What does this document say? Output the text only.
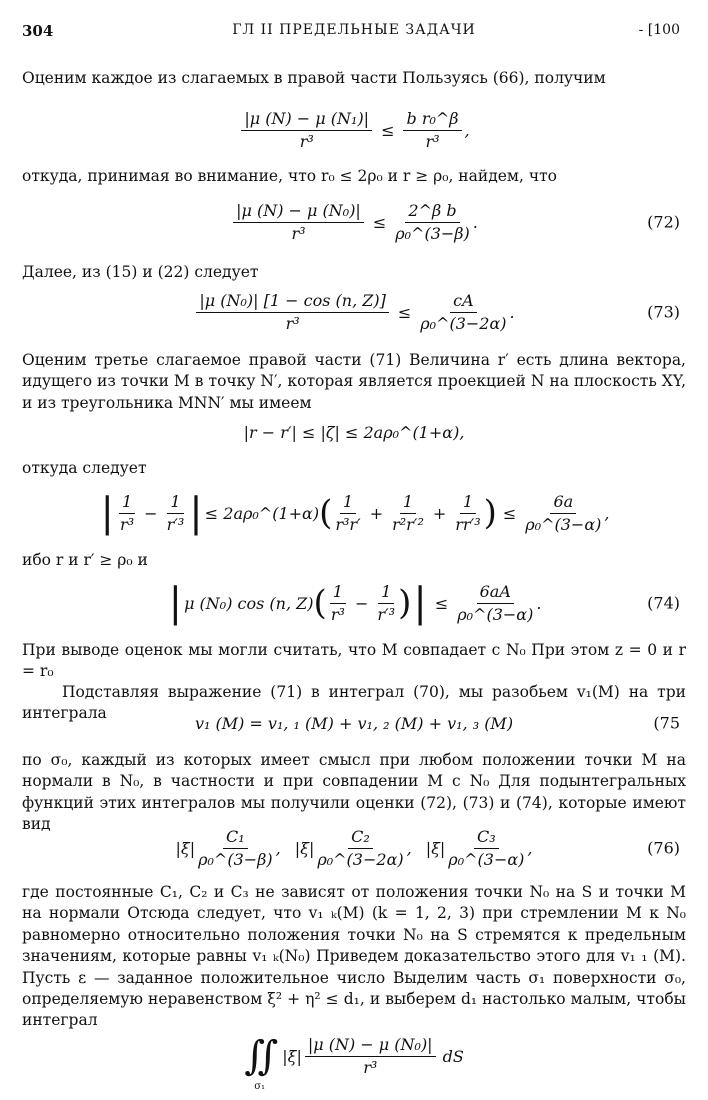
304	ГЛ II ПРЕДЕЛЬНЫЕ ЗАДАЧИ	- [100
Оценим каждое из слагаемых в правой части Пользуясь (66), получим
$\frac{\text{|μ (N) − μ (N₁)|}}{\text{r³}} \le \frac{\text{b r₀\textasciicircum{}β}}{\text{r³}}$ ,
откуда, принимая во внимание, что r₀ ≤ 2ρ₀ и r ≥ ρ₀, найдем, что
$\frac{\text{|μ (N) − μ (N₀)|}}{\text{r³}} \le \frac{\text{2\textasciicircum{}β b}}{\text{ρ₀\textasciicircum{}(3−β)}}$ .	(72)
Далее, из (15) и (22) следует
$\frac{\text{|μ (N₀)| [1 − cos (n, Z)]}}{\text{r³}} \le \frac{cA}{\text{ρ₀\textasciicircum{}(3−2α)}}$ .	(73)
Оценим третье слагаемое правой части (71) Величина r′ есть длина вектора, идущего из точки M в точку N′, которая является проекцией N на плоскость XY, и из треугольника MNN′ мы имеем
|r − r′| ≤ |ζ| ≤ 2aρ₀^(1+α),
откуда следует
| $\frac{1}{\text{r³}} - \frac{1}{\text{r′³}}$ | ≤ 2aρ₀^(1+α) ( $\frac{1}{\text{r³r′}} + \frac{1}{\text{r²r′²}} + \frac{1}{\text{rr′³}}$ ) ≤ $\frac{6a}{\text{ρ₀\textasciicircum{}(3−α)}}$ ,
ибо r и r′ ≥ ρ₀ и
| μ (N₀) cos (n, Z) ( $\frac{1}{\text{r³}} - \frac{1}{\text{r′³}}$ ) | ≤ $\frac{6aA}{\text{ρ₀\textasciicircum{}(3−α)}}$ .	(74)
При выводе оценок мы могли считать, что M совпадает с N₀ При этом z = 0 и r = r₀
Подставляя выражение (71) в интеграл (70), мы разобьем v₁(M) на три интеграла
v₁ (M) = v₁, ₁ (M) + v₁, ₂ (M) + v₁, ₃ (M)	(75
по σ₀, каждый из которых имеет смысл при любом положении точки M на нормали в N₀, в частности и при совпадении M с N₀ Для подынтегральных функций этих интегралов мы получили оценки (72), (73) и (74), которые имеют вид
$|\xi| \frac{\text{C₁}}{\text{ρ₀\textasciicircum{}(3−β)}}$ , $|\xi| \frac{\text{C₂}}{\text{ρ₀\textasciicircum{}(3−2α)}}$ , $|\xi| \frac{\text{C₃}}{\text{ρ₀\textasciicircum{}(3−α)}}$ ,	(76)
где постоянные C₁, C₂ и C₃ не зависят от положения точки N₀ на S и точки M на нормали Отсюда следует, что v₁ ₖ(M) (k = 1, 2, 3) при стремлении M к N₀ равномерно относительно положения точки N₀ на S стремятся к предельным значениям, которые равны v₁ ₖ(N₀) Приведем доказательство этого для v₁ ₁ (M). Пусть ε — заданное положительное число Выделим часть σ₁ поверхности σ₀, определяемую неравенством ξ² + η² ≤ d₁, и выберем d₁ настолько малым, чтобы интеграл
∬
σ₁
$|\xi| \frac{\text{|μ (N) − μ (N₀)|}}{\text{r³}}$ dS
